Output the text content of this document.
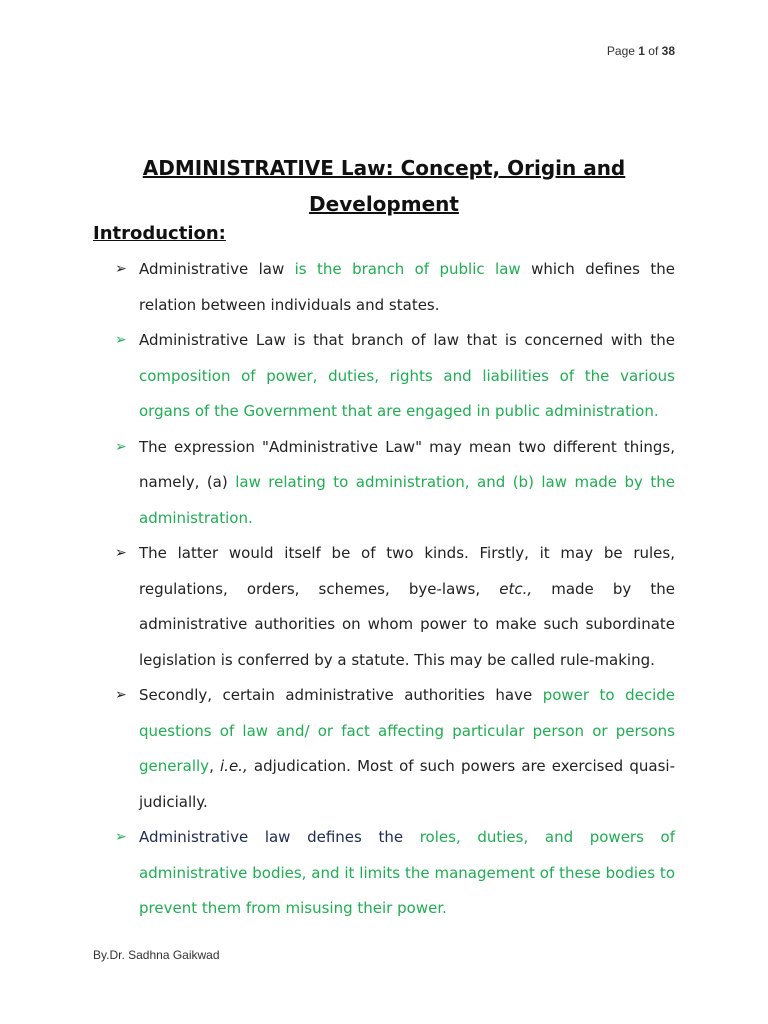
Page 1 of 38
ADMINISTRATIVE Law: Concept, Origin and
Development
Introduction:
➢ Administrative law is the branch of public law which defines the relation between individuals and states.
➢ Administrative Law is that branch of law that is concerned with the composition of power, duties, rights and liabilities of the various organs of the Government that are engaged in public administration.
➢ The expression "Administrative Law" may mean two different things, namely, (a) law relating to administration, and (b) law made by the administration.
➢ The latter would itself be of two kinds. Firstly, it may be rules, regulations, orders, schemes, bye-laws, etc., made by the administrative authorities on whom power to make such subordinate legislation is conferred by a statute. This may be called rule-making.
➢ Secondly, certain administrative authorities have power to decide questions of law and/ or fact affecting particular person or persons generally, i.e., adjudication. Most of such powers are exercised quasi-judicially.
➢ Administrative law defines the roles, duties, and powers of administrative bodies, and it limits the management of these bodies to prevent them from misusing their power.
By.Dr. Sadhna Gaikwad
